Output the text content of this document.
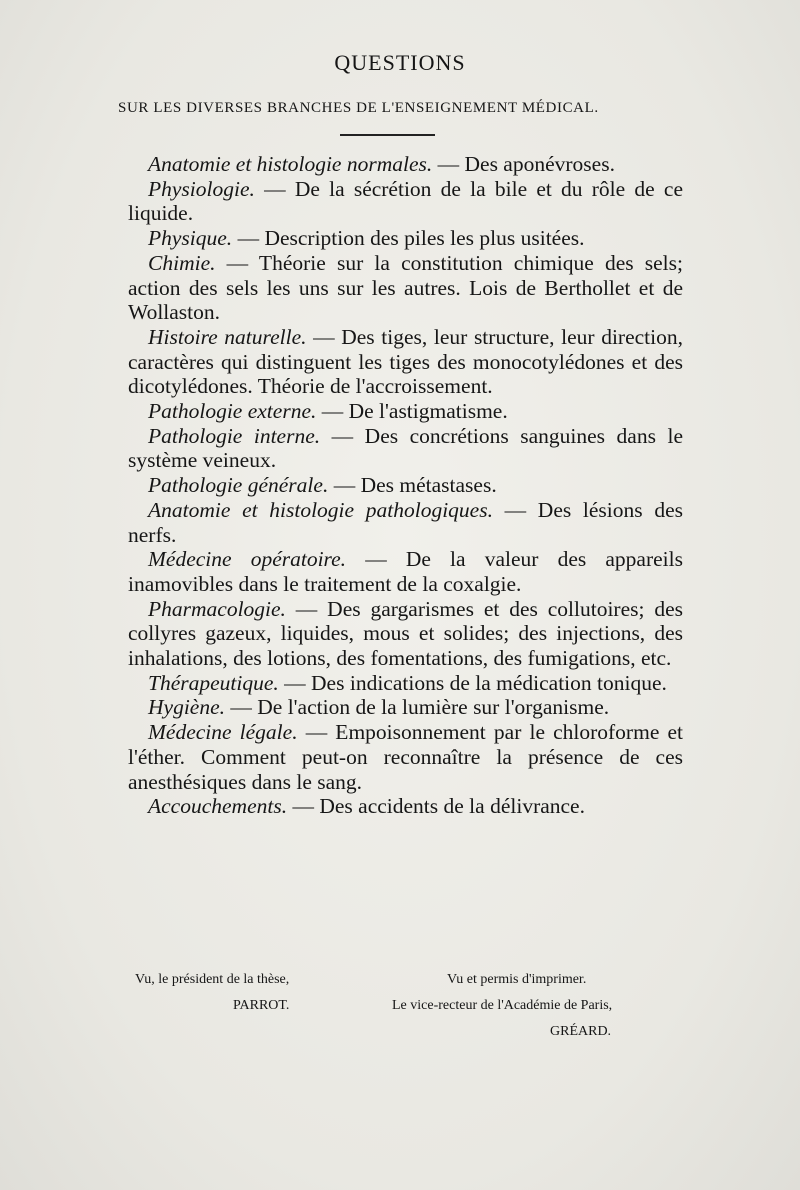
QUESTIONS
SUR LES DIVERSES BRANCHES DE L'ENSEIGNEMENT MÉDICAL.

Anatomie et histologie normales. — Des aponévroses.

Physiologie. — De la sécrétion de la bile et du rôle de ce liquide.

Physique. — Description des piles les plus usitées.

Chimie. — Théorie sur la constitution chimique des sels; action des sels les uns sur les autres. Lois de Berthollet et de Wollaston.

Histoire naturelle. — Des tiges, leur structure, leur direction, caractères qui distinguent les tiges des monocotylédones et des dicotylédones. Théorie de l'accroissement.

Pathologie externe. — De l'astigmatisme.

Pathologie interne. — Des concrétions sanguines dans le système veineux.

Pathologie générale. — Des métastases.

Anatomie et histologie pathologiques. — Des lésions des nerfs.

Médecine opératoire. — De la valeur des appareils inamovibles dans le traitement de la coxalgie.

Pharmacologie. — Des gargarismes et des collutoires; des collyres gazeux, liquides, mous et solides; des injections, des inhalations, des lotions, des fomentations, des fumigations, etc.

Thérapeutique. — Des indications de la médication tonique.

Hygiène. — De l'action de la lumière sur l'organisme.

Médecine légale. — Empoisonnement par le chloroforme et l'éther. Comment peut-on reconnaître la présence de ces anesthésiques dans le sang.

Accouchements. — Des accidents de la délivrance.

Vu, le président de la thèse,
PARROT.
Vu et permis d'imprimer.
Le vice-recteur de l'Académie de Paris,
GRÉARD.
